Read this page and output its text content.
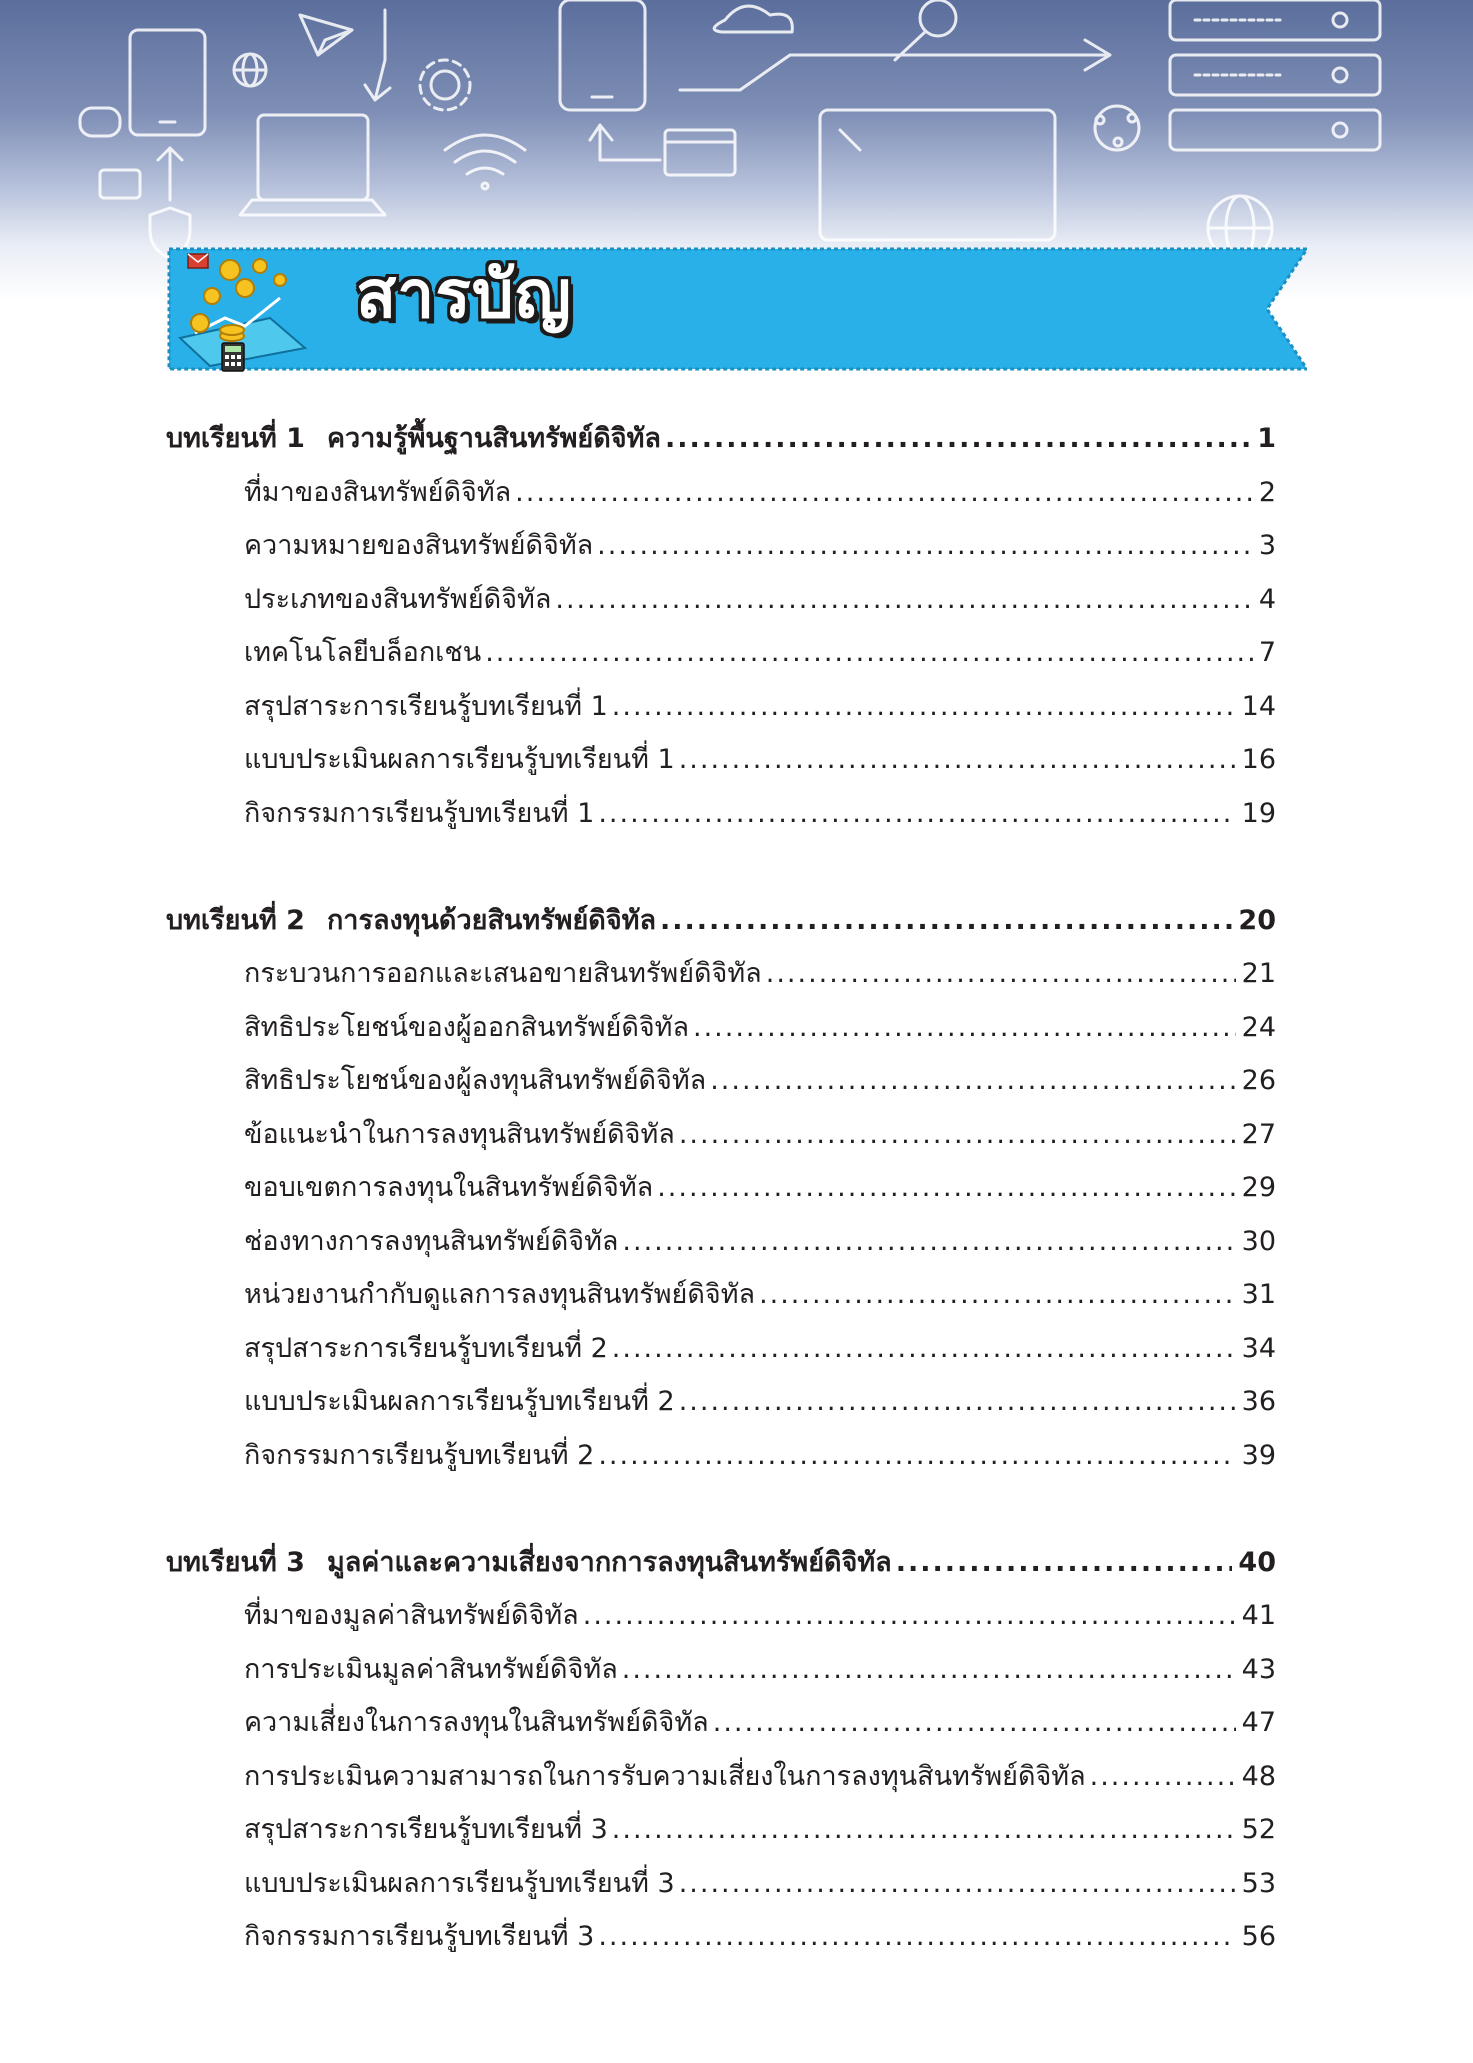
สารบัญ
บทเรียนที่ 1 ความรู้พื้นฐานสินทรัพย์ดิจิทัล .....	1
ที่มาของสินทรัพย์ดิจิทัล .....	2
ความหมายของสินทรัพย์ดิจิทัล .....	3
ประเภทของสินทรัพย์ดิจิทัล .....	4
เทคโนโลยีบล็อกเชน .....	7
สรุปสาระการเรียนรู้บทเรียนที่ 1 .....	14
แบบประเมินผลการเรียนรู้บทเรียนที่ 1 .....	16
กิจกรรมการเรียนรู้บทเรียนที่ 1 .....	19
บทเรียนที่ 2 การลงทุนด้วยสินทรัพย์ดิจิทัล .....	20
กระบวนการออกและเสนอขายสินทรัพย์ดิจิทัล .....	21
สิทธิประโยชน์ของผู้ออกสินทรัพย์ดิจิทัล .....	24
สิทธิประโยชน์ของผู้ลงทุนสินทรัพย์ดิจิทัล .....	26
ข้อแนะนำในการลงทุนสินทรัพย์ดิจิทัล .....	27
ขอบเขตการลงทุนในสินทรัพย์ดิจิทัล .....	29
ช่องทางการลงทุนสินทรัพย์ดิจิทัล .....	30
หน่วยงานกำกับดูแลการลงทุนสินทรัพย์ดิจิทัล .....	31
สรุปสาระการเรียนรู้บทเรียนที่ 2 .....	34
แบบประเมินผลการเรียนรู้บทเรียนที่ 2 .....	36
กิจกรรมการเรียนรู้บทเรียนที่ 2 .....	39
บทเรียนที่ 3 มูลค่าและความเสี่ยงจากการลงทุนสินทรัพย์ดิจิทัล .....	40
ที่มาของมูลค่าสินทรัพย์ดิจิทัล .....	41
การประเมินมูลค่าสินทรัพย์ดิจิทัล .....	43
ความเสี่ยงในการลงทุนในสินทรัพย์ดิจิทัล .....	47
การประเมินความสามารถในการรับความเสี่ยงในการลงทุนสินทรัพย์ดิจิทัล .....	48
สรุปสาระการเรียนรู้บทเรียนที่ 3 .....	52
แบบประเมินผลการเรียนรู้บทเรียนที่ 3 .....	53
กิจกรรมการเรียนรู้บทเรียนที่ 3 .....	56
